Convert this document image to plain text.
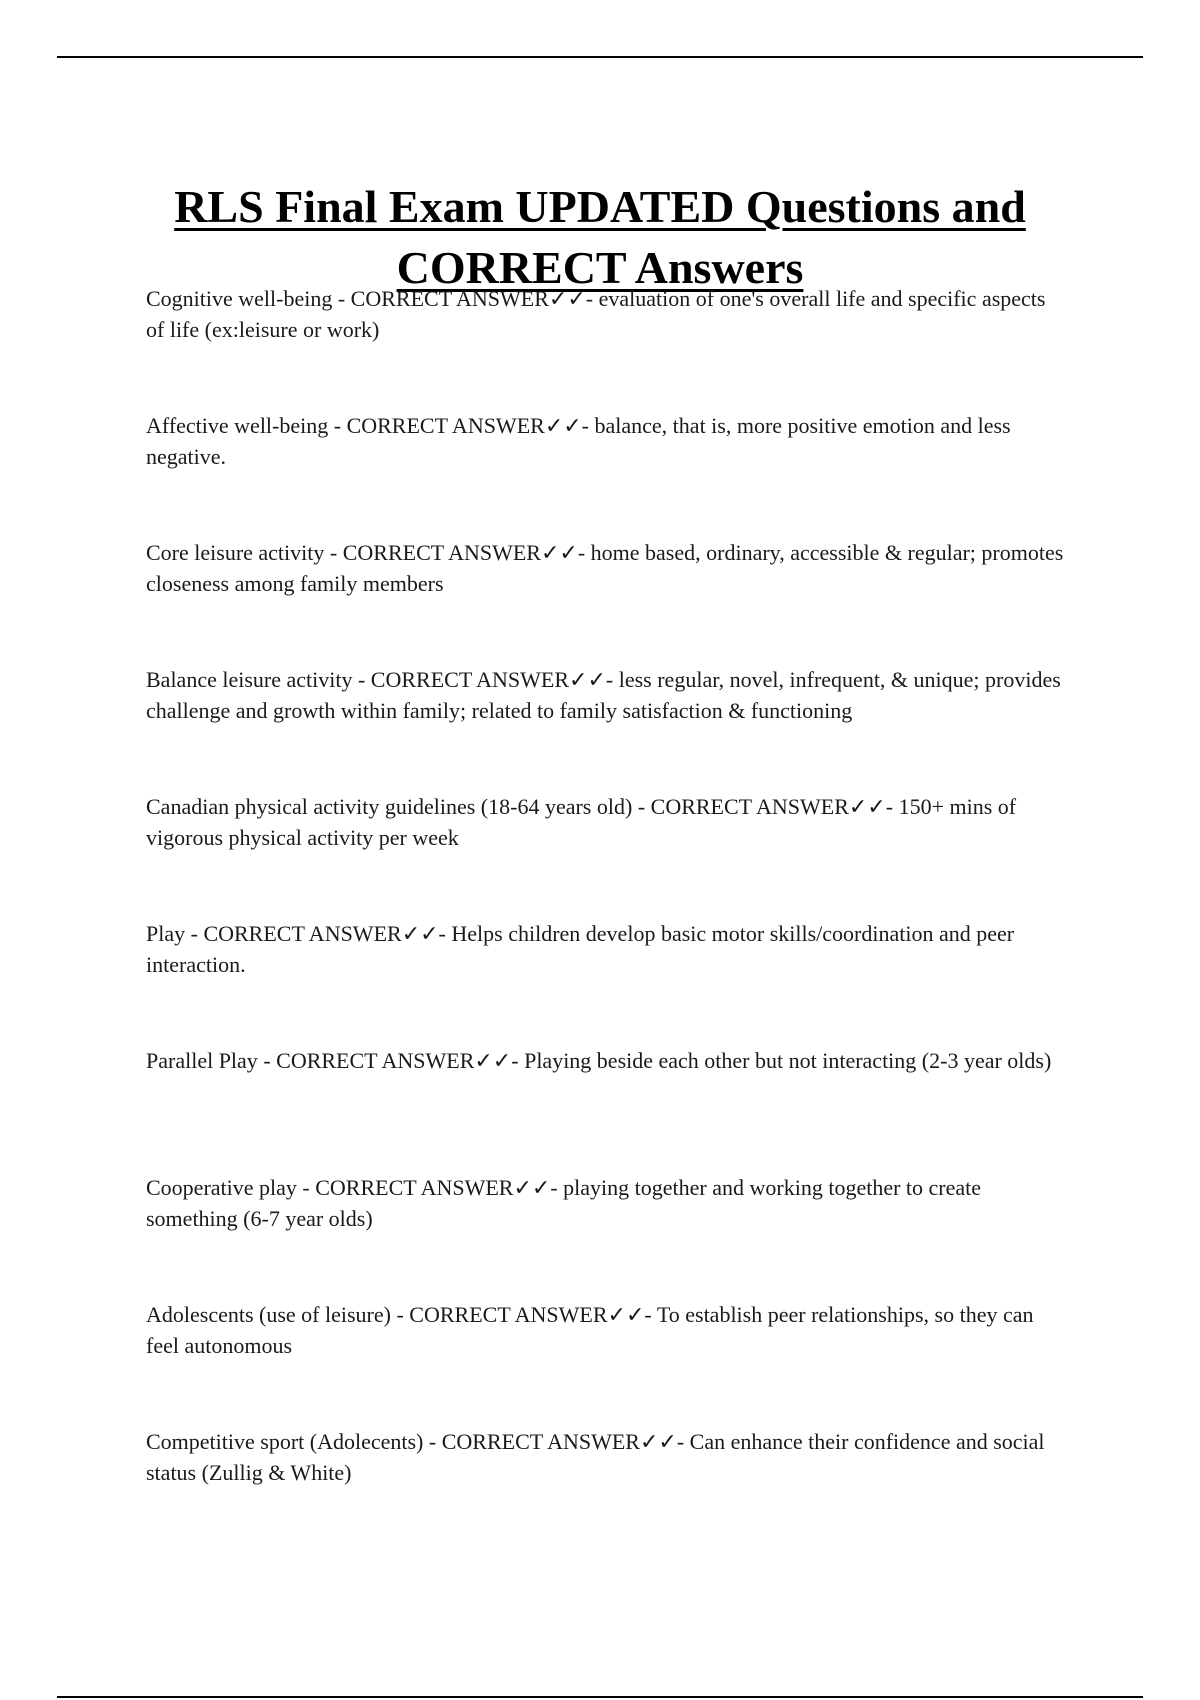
RLS Final Exam UPDATED Questions and
CORRECT Answers

Cognitive well-being - CORRECT ANSWER✓✓- evaluation of one's overall life and specific aspects of life (ex:leisure or work)

Affective well-being - CORRECT ANSWER✓✓- balance, that is, more positive emotion and less negative.

Core leisure activity - CORRECT ANSWER✓✓- home based, ordinary, accessible & regular; promotes closeness among family members

Balance leisure activity - CORRECT ANSWER✓✓- less regular, novel, infrequent, & unique; provides challenge and growth within family; related to family satisfaction & functioning

Canadian physical activity guidelines (18-64 years old) - CORRECT ANSWER✓✓- 150+ mins of vigorous physical activity per week

Play - CORRECT ANSWER✓✓- Helps children develop basic motor skills/coordination and peer interaction.

Parallel Play - CORRECT ANSWER✓✓- Playing beside each other but not interacting (2-3 year olds)

Cooperative play - CORRECT ANSWER✓✓- playing together and working together to create something (6-7 year olds)

Adolescents (use of leisure) - CORRECT ANSWER✓✓- To establish peer relationships, so they can feel autonomous

Competitive sport (Adolecents) - CORRECT ANSWER✓✓- Can enhance their confidence and social status (Zullig & White)
